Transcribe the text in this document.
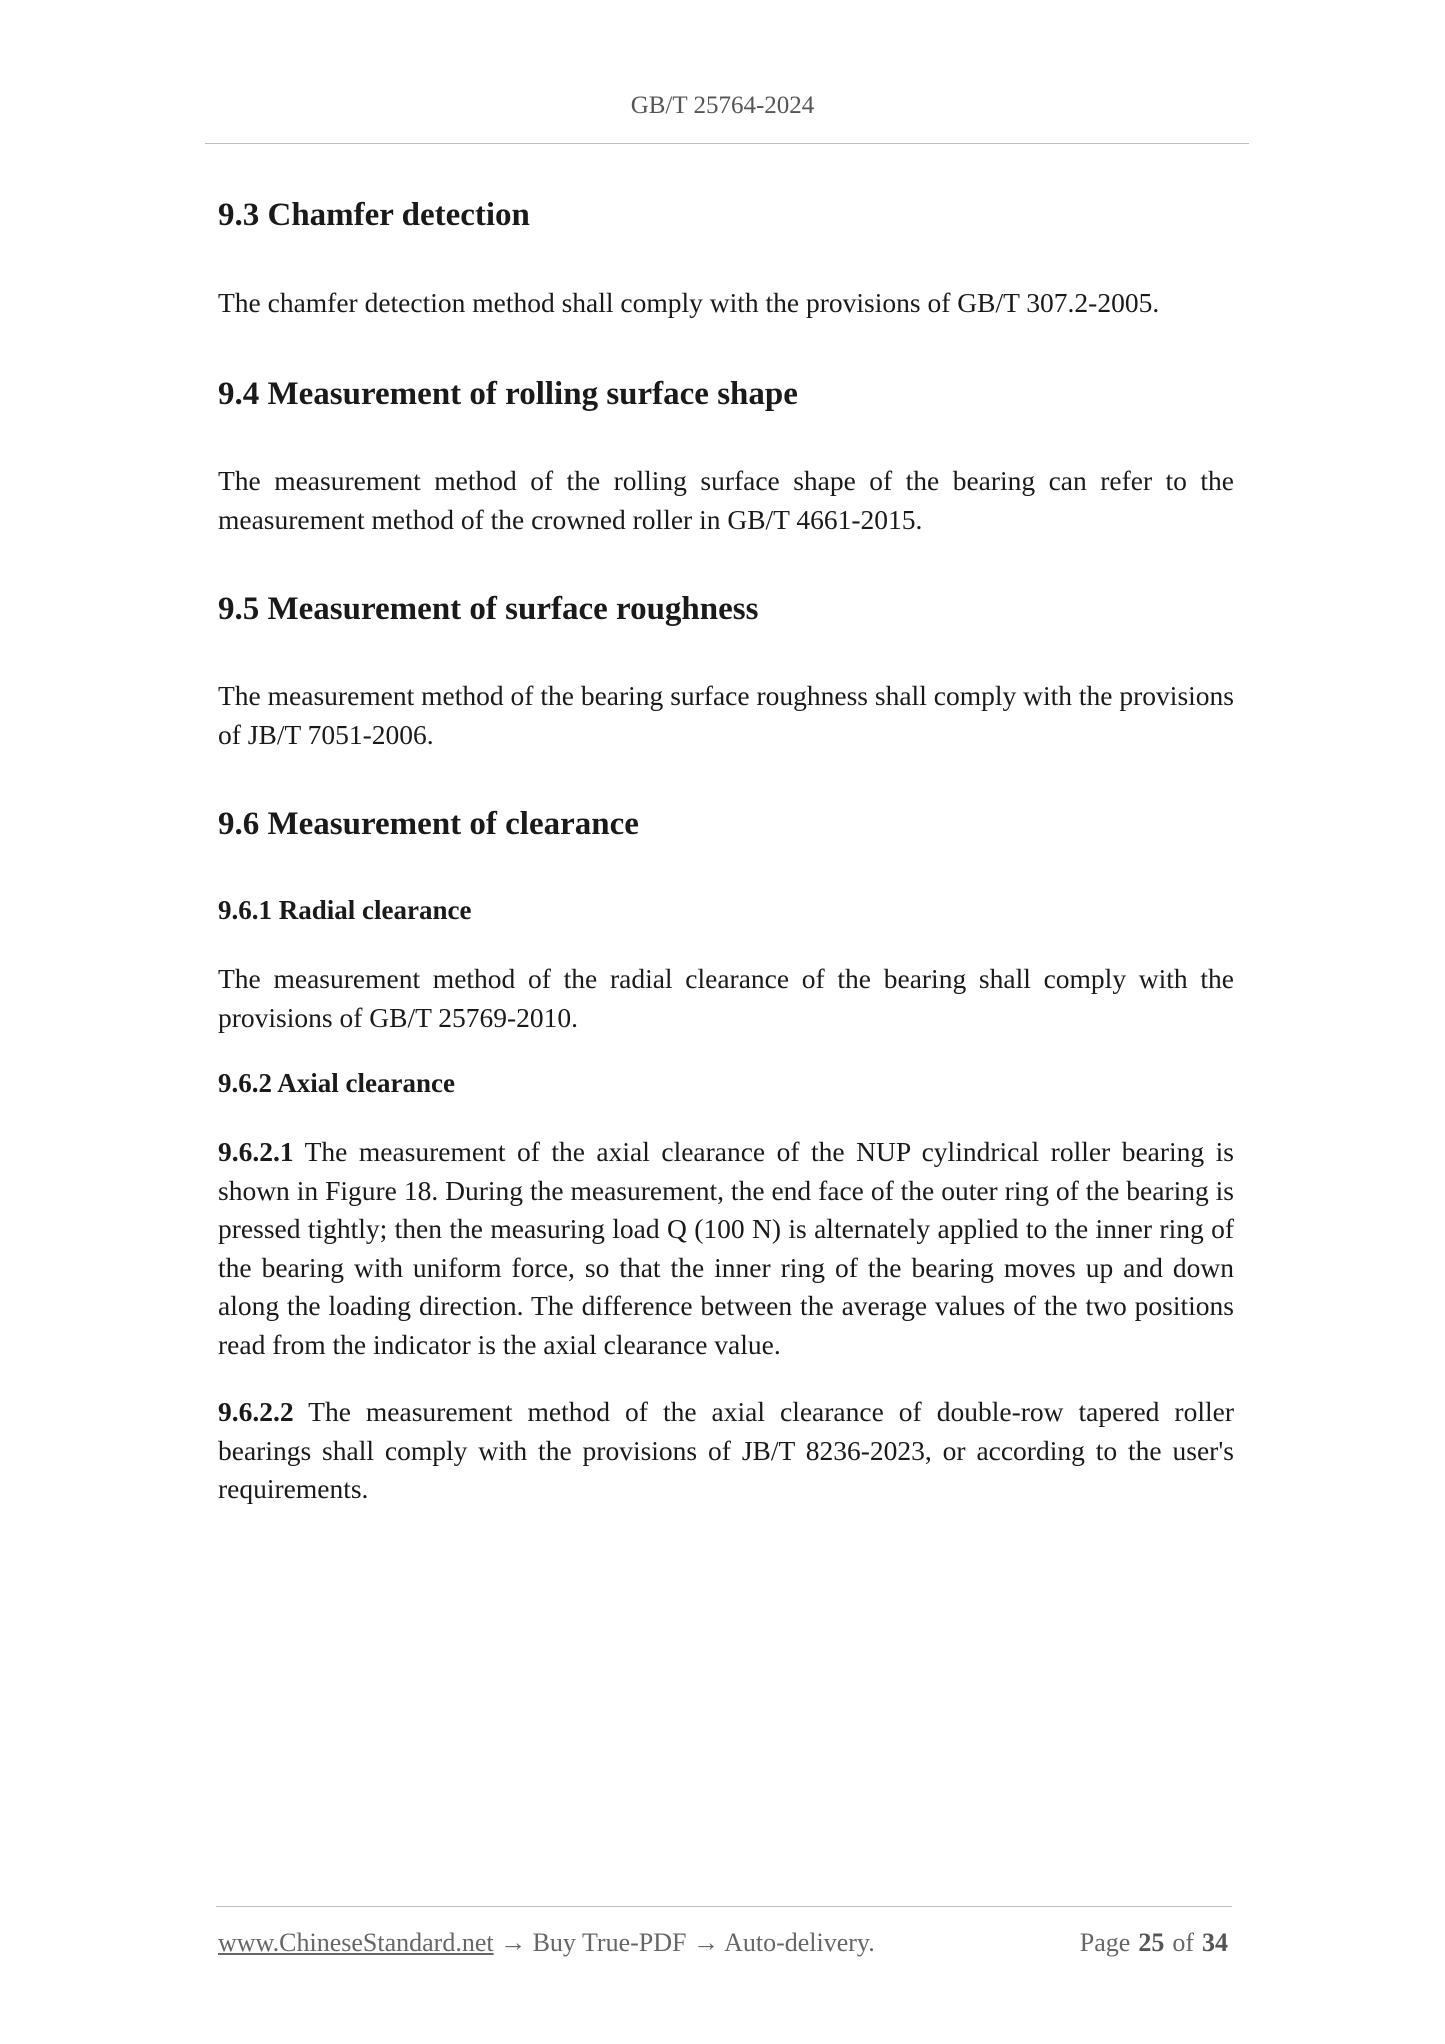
GB/T 25764-2024
9.3 Chamfer detection

The chamfer detection method shall comply with the provisions of GB/T 307.2-2005.

9.4 Measurement of rolling surface shape

The measurement method of the rolling surface shape of the bearing can refer to the measurement method of the crowned roller in GB/T 4661-2015.

9.5 Measurement of surface roughness

The measurement method of the bearing surface roughness shall comply with the provisions of JB/T 7051-2006.

9.6 Measurement of clearance
9.6.1 Radial clearance

The measurement method of the radial clearance of the bearing shall comply with the provisions of GB/T 25769-2010.

9.6.2 Axial clearance

9.6.2.1 The measurement of the axial clearance of the NUP cylindrical roller bearing is shown in Figure 18. During the measurement, the end face of the outer ring of the bearing is pressed tightly; then the measuring load Q (100 N) is alternately applied to the inner ring of the bearing with uniform force, so that the inner ring of the bearing moves up and down along the loading direction. The difference between the average values of the two positions read from the indicator is the axial clearance value.

9.6.2.2 The measurement method of the axial clearance of double-row tapered roller bearings shall comply with the provisions of JB/T 8236-2023, or according to the user's requirements.

www.ChineseStandard.net → Buy True-PDF → Auto-delivery.	Page 25 of 34
